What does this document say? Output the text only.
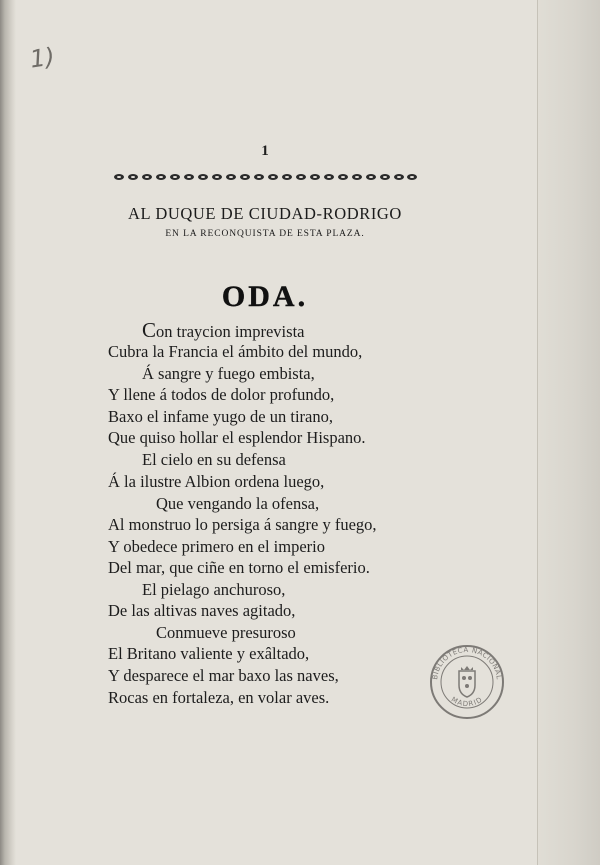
1)
1
AL DUQUE DE CIUDAD-RODRIGO
EN LA RECONQUISTA DE ESTA PLAZA.
ODA.
Con traycion imprevista
Cubra la Francia el ámbito del mundo,
Á sangre y fuego embista,
Y llene á todos de dolor profundo,
Baxo el infame yugo de un tirano,
Que quiso hollar el esplendor Hispano.
El cielo en su defensa
Á la ilustre Albion ordena luego,
Que vengando la ofensa,
Al monstruo lo persiga á sangre y fuego,
Y obedece primero en el imperio
Del mar, que ciñe en torno el emisferio.
El pielago anchuroso,
De las altivas naves agitado,
Conmueve presuroso
El Britano valiente y exâltado,
Y desparece el mar baxo las naves,
Rocas en fortaleza, en volar aves.
BIBLIOTECA NACIONAL
MADRID
